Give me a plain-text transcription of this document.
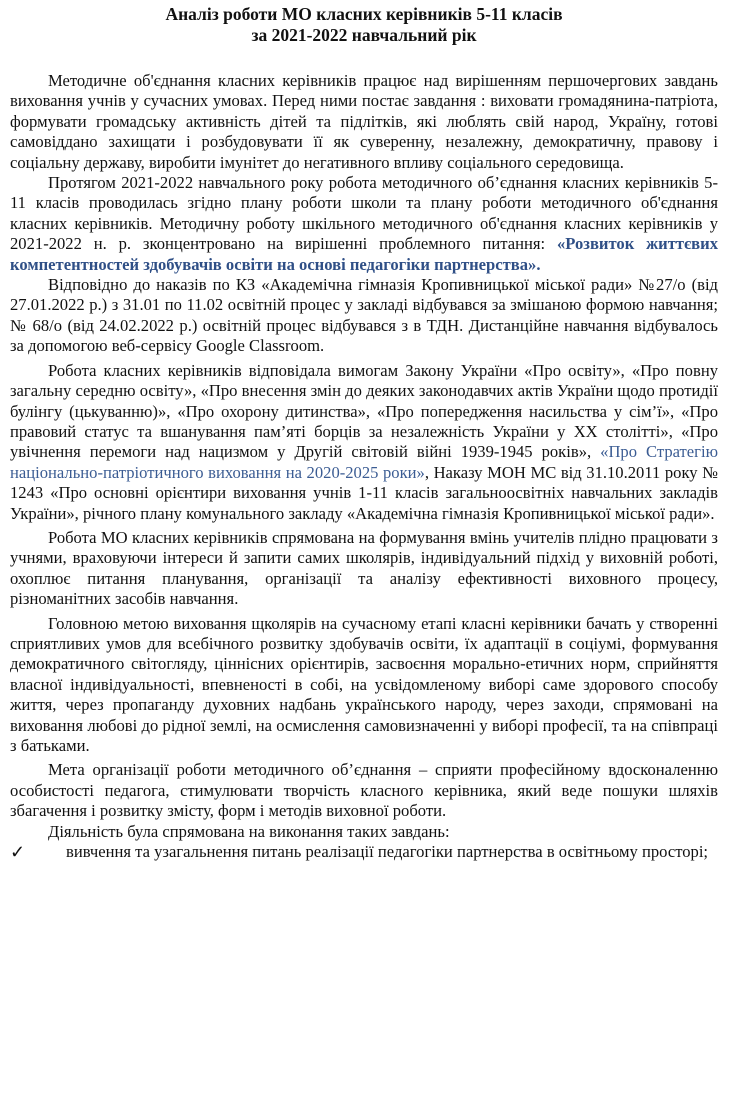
Аналіз роботи МО класних керівників 5-11 класів
за 2021-2022 навчальний рік

Методичне об'єднання класних керівників працює над вирішенням першочергових завдань виховання учнів у сучасних умовах. Перед ними постає завдання : виховати громадянина-патріота, формувати громадську активність дітей та підлітків, які люблять свій народ, Україну, готові самовіддано захищати і розбудовувати її як суверенну, незалежну, демократичну, правову і соціальну державу, виробити імунітет до негативного впливу соціального середовища.

Протягом 2021-2022 навчального року робота методичного об’єднання класних керівників 5-11 класів проводилась згідно плану роботи школи та плану роботи методичного об'єднання класних керівників. Методичну роботу шкільного методичного об'єднання класних керівників у 2021-2022 н. р. зконцентровано на вирішенні проблемного питання: «Розвиток життєвих компетентностей здобувачів освіти на основі педагогіки партнерства».

Відповідно до наказів по КЗ «Академічна гімназія Кропивницької міської ради» №27/о (від 27.01.2022 р.) з 31.01 по 11.02 освітній процес у закладі відбувався за змішаною формою навчання; № 68/о (від 24.02.2022 р.) освітній процес відбувався з в ТДН. Дистанційне навчання відбувалось за допомогою веб-сервісу Google Classroom.

Робота класних керівників відповідала вимогам Закону України «Про освіту», «Про повну загальну середню освіту», «Про внесення змін до деяких законодавчих актів України щодо протидії булінгу (цькуванню)», «Про охорону дитинства», «Про попередження насильства у сім’ї», «Про правовий статус та вшанування пам’яті борців за незалежність України у ХХ столітті», «Про увічнення перемоги над нацизмом у Другій світовій війні 1939-1945 років», «Про Стратегію національно-патріотичного виховання на 2020-2025 роки», Наказу МОН МС від 31.10.2011 року № 1243 «Про основні орієнтири виховання учнів 1-11 класів загальноосвітніх навчальних закладів України», річного плану комунального закладу «Академічна гімназія Кропивницької міської ради».

Робота МО класних керівників спрямована на формування вмінь учителів плідно працювати з учнями, враховуючи інтереси й запити самих школярів, індивідуальний підхід у виховній роботі, охоплює питання планування, організації та аналізу ефективності виховного процесу, різноманітних засобів навчання.

Головною метою виховання щколярів на сучасному етапі класні керівники бачать у створенні сприятливих умов для всебічного розвитку здобувачів освіти, їх адаптації в соціумі, формування демократичного світогляду, ціннісних орієнтирів, засвоєння морально-етичних норм, сприйняття власної індивідуальності, впевненості в собі, на усвідомленому виборі саме здорового способу життя, через пропаганду духовних надбань українського народу, через заходи, спрямовані на виховання любові до рідної землі, на осмислення самовизначенні у виборі професії, та на співпраці з батьками.

Мета організації роботи методичного об’єднання – сприяти професійному вдосконаленню особистості педагога, стимулювати творчість класного керівника, який веде пошуки шляхів збагачення і розвитку змісту, форм і методів виховної роботи.

Діяльність була спрямована на виконання таких завдань:

✓ вивчення та узагальнення питань реалізації педагогіки партнерства в освітньому просторі;
